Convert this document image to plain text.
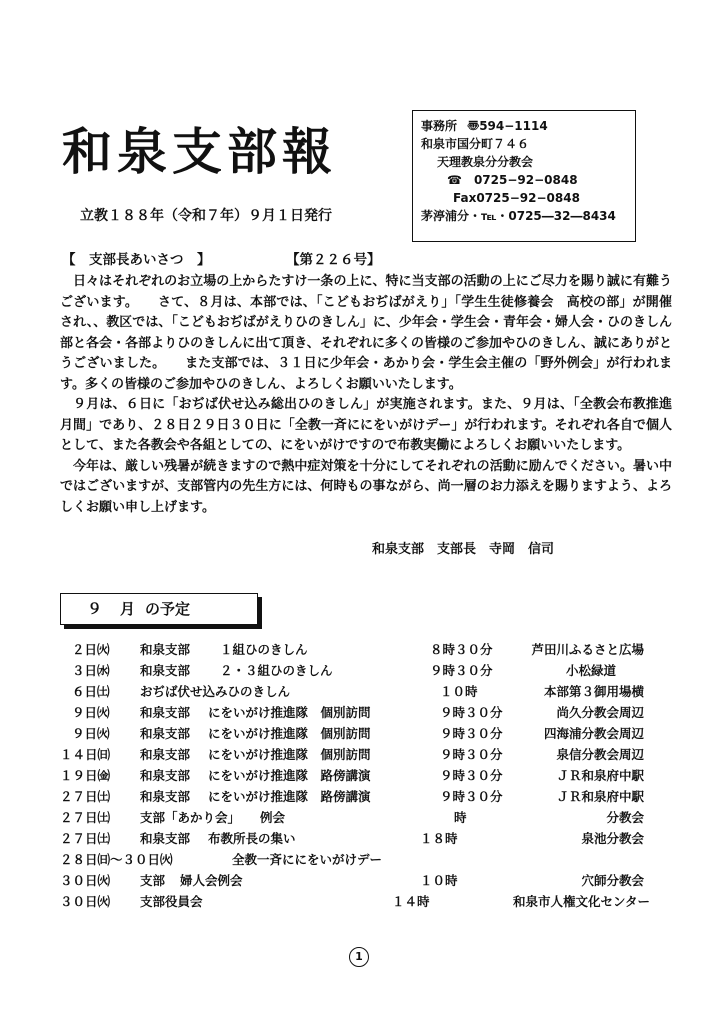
和泉支部報
立教１８８年（令和７年）９月１日発行
事務所 〠594−1114
和泉市国分町７４６
天理教泉分分教会
☎　0725−92−0848
Fax0725−92−0848
茅渟浦分・℡・0725―32―8434
【　支部長あいさつ　】	【第２２６号】

日々はそれぞれのお立場の上からたすけ一条の上に、特に当支部の活動の上にご尽力を賜り誠に有難うございます。　　さて、８月は、本部では、「こどもおぢばがえり」「学生生徒修養会　高校の部」が開催され、、教区では、「こどもおぢばがえりひのきしん」に、少年会・学生会・青年会・婦人会・ひのきしん部と各会・各部よりひのきしんに出て頂き、それぞれに多くの皆様のご参加やひのきしん、誠にありがとうございました。　　また支部では、３１日に少年会・あかり会・学生会主催の「野外例会」が行われます。多くの皆様のご参加やひのきしん、よろしくお願いいたします。

９月は、６日に「おぢば伏せ込み総出ひのきしん」が実施されます。また、９月は、「全教会布教推進月間」であり、２８日２９日３０日に「全教一斉ににをいがけデー」が行われます。それぞれ各自で個人として、また各教会や各組としての、にをいがけですので布教実働によろしくお願いいたします。

今年は、厳しい残暑が続きますので熱中症対策を十分にしてそれぞれの活動に励んでください。暑い中ではございますが、支部管内の先生方には、何時もの事ながら、尚一層のお力添えを賜りますよう、よろしくお願い申し上げます。

和泉支部　支部長　寺岡　信司
９ 月 の予定
２日㈫ 和泉支部 １組ひのきしん	８時３０分	芦田川ふるさと広場
３日㈬ 和泉支部 ２・３組ひのきしん	９時３０分	小松緑道
６日㈯ おぢば伏せ込みひのきしん	１０時	本部第３御用場横
９日㈫ 和泉支部 にをいがけ推進隊　個別訪問	９時３０分	尚久分教会周辺
９日㈫ 和泉支部 にをいがけ推進隊　個別訪問	９時３０分	四海浦分教会周辺
１４日㈰ 和泉支部 にをいがけ推進隊　個別訪問	９時３０分	泉信分教会周辺
１９日㈮ 和泉支部 にをいがけ推進隊　路傍講演	９時３０分	ＪＲ和泉府中駅
２７日㈯ 和泉支部 にをいがけ推進隊　路傍講演	９時３０分	ＪＲ和泉府中駅
２７日㈯ 支部「あかり会」 例会	時	分教会
２７日㈯ 和泉支部 布教所長の集い	１８時	泉池分教会
２８日㈰～３０日㈫	全教一斉ににをいがけデー
３０日㈫ 支部 婦人会例会	１０時	穴師分教会
３０日㈫ 支部役員会	１４時	和泉市人権文化センター
1
